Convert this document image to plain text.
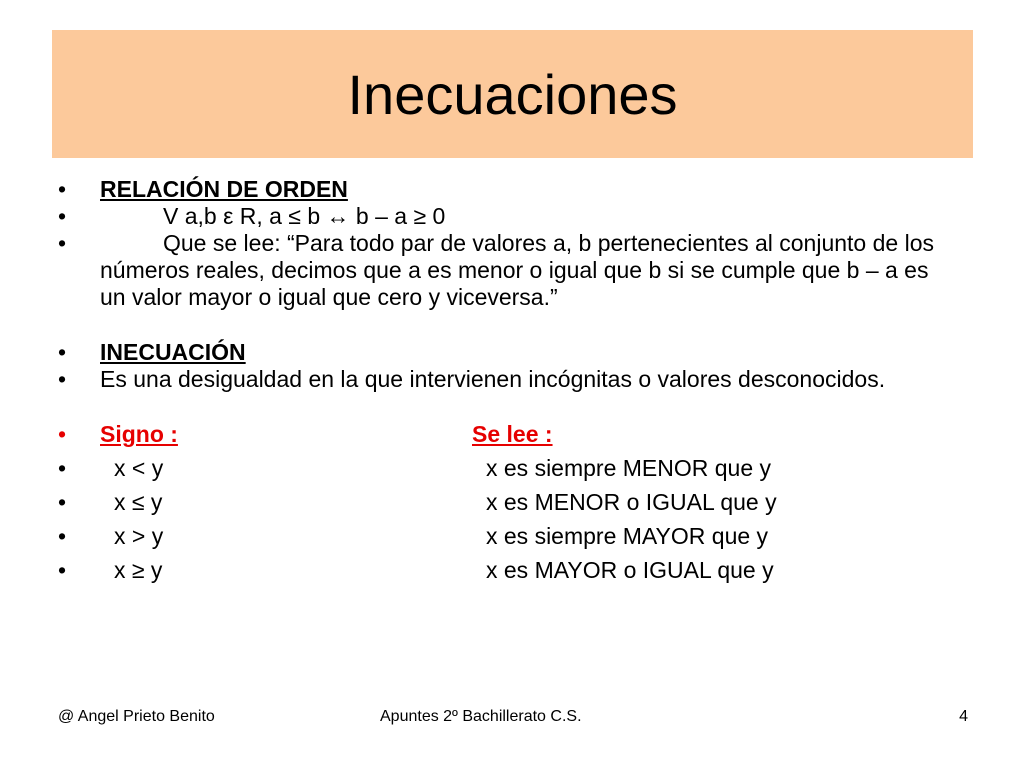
Inecuaciones
• RELACIÓN DE ORDEN
•	V a,b ε R, a ≤ b ↔ b – a ≥ 0
•	Que se lee: “Para todo par de valores a, b pertenecientes al conjunto de los números reales, decimos que a es menor o igual que b si se cumple que b – a es un valor mayor o igual que cero y viceversa.”
• INECUACIÓN
• Es una desigualdad en la que intervienen incógnitas o valores desconocidos.
• Signo :	Se lee :
•	x < y	x es siempre MENOR que y
•	x ≤ y	x es MENOR o IGUAL que y
•	x > y	x es siempre MAYOR que y
•	x ≥ y	x es MAYOR o IGUAL que y
@ Angel Prieto Benito	Apuntes 2º Bachillerato C.S.	4
